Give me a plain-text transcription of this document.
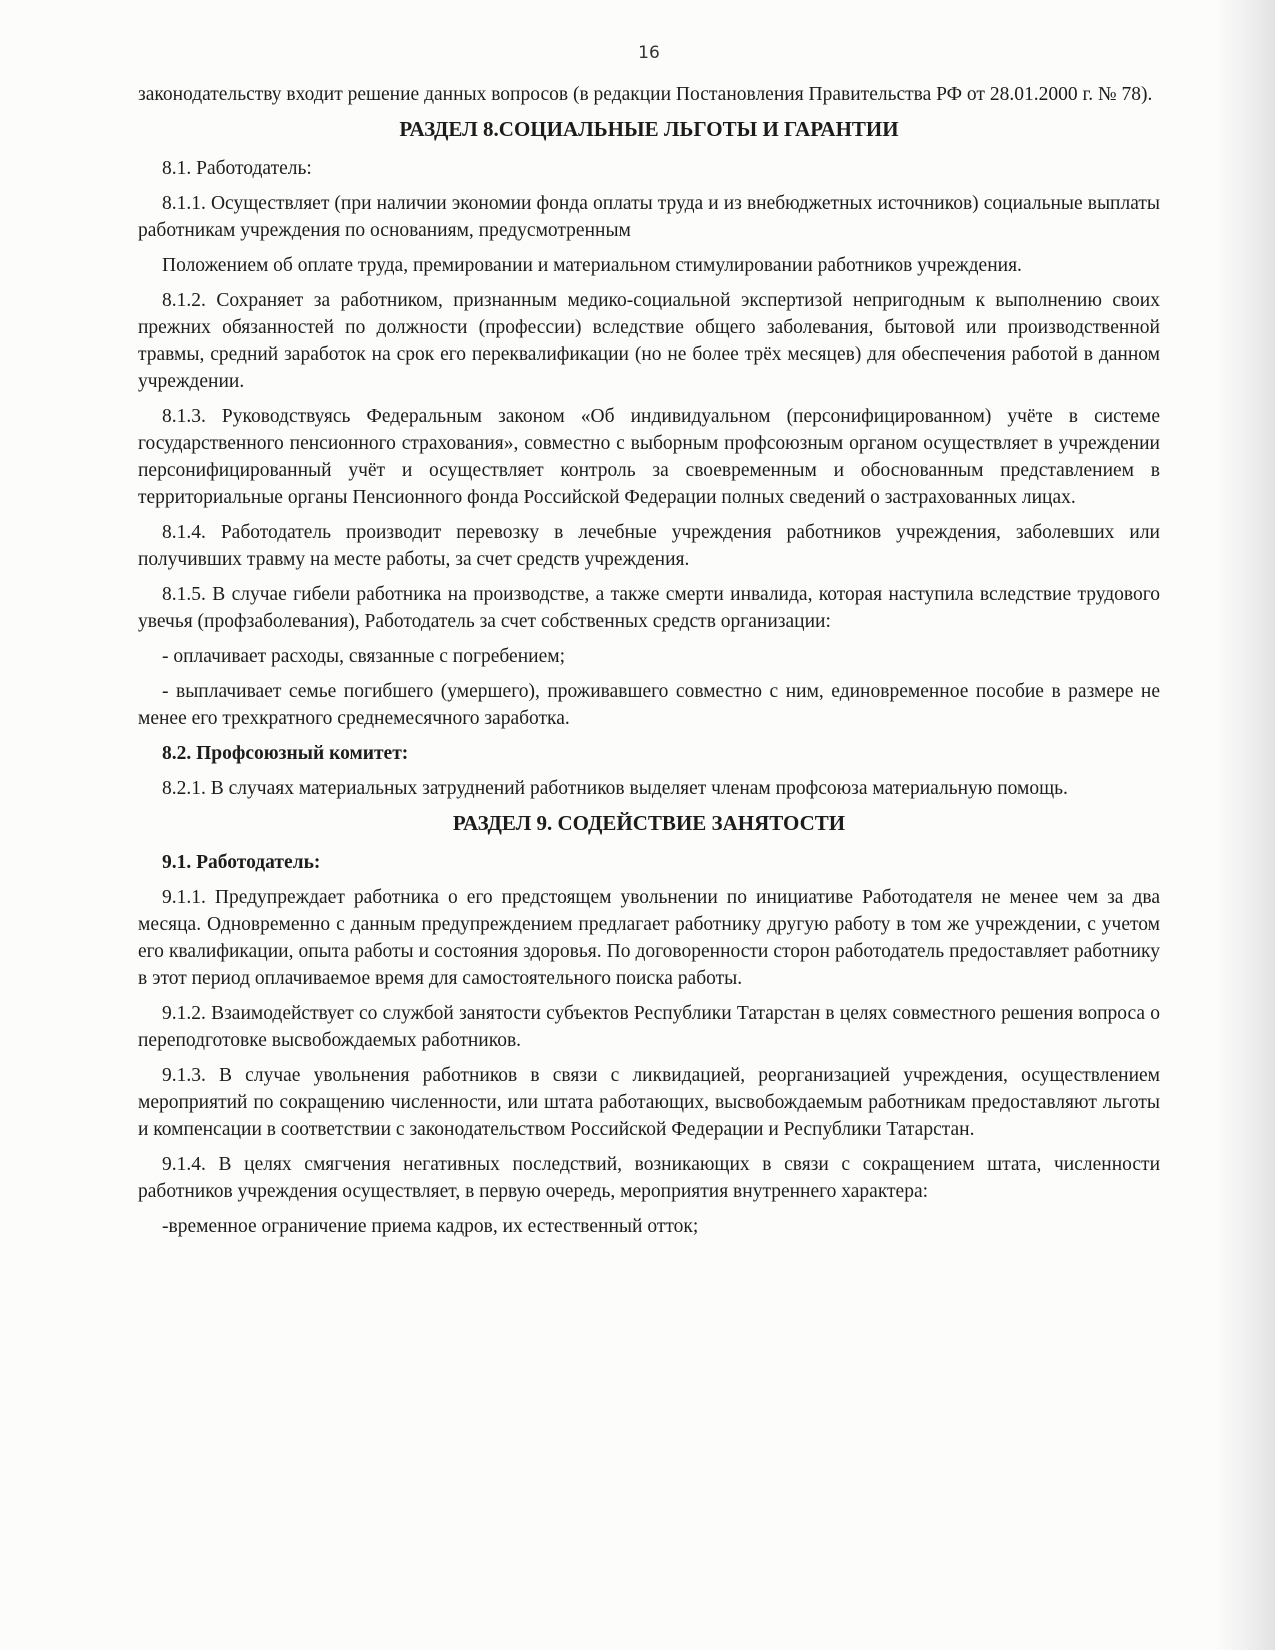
16

законодательству входит решение данных вопросов (в редакции Постановления Правительства РФ от 28.01.2000 г. № 78).

РАЗДЕЛ 8.СОЦИАЛЬНЫЕ ЛЬГОТЫ И ГАРАНТИИ

8.1. Работодатель:

8.1.1. Осуществляет (при наличии экономии фонда оплаты труда и из внебюджетных источников) социальные выплаты работникам учреждения по основаниям, предусмотренным

Положением об оплате труда, премировании и материальном стимулировании работников учреждения.

8.1.2. Сохраняет за работником, признанным медико-социальной экспертизой непригодным к выполнению своих прежних обязанностей по должности (профессии) вследствие общего заболевания, бытовой или производственной травмы, средний заработок на срок его переквалификации (но не более трёх месяцев) для обеспечения работой в данном учреждении.

8.1.3. Руководствуясь Федеральным законом «Об индивидуальном (персонифицированном) учёте в системе государственного пенсионного страхования», совместно с выборным профсоюзным органом осуществляет в учреждении персонифицированный учёт и осуществляет контроль за своевременным и обоснованным представлением в территориальные органы Пенсионного фонда Российской Федерации полных сведений о застрахованных лицах.

8.1.4. Работодатель производит перевозку в лечебные учреждения работников учреждения, заболевших или получивших травму на месте работы, за счет средств учреждения.

8.1.5. В случае гибели работника на производстве, а также смерти инвалида, которая наступила вследствие трудового увечья (профзаболевания), Работодатель за счет собственных средств организации:

- оплачивает расходы, связанные с погребением;

- выплачивает семье погибшего (умершего), проживавшего совместно с ним, единовременное пособие в размере не менее его трехкратного среднемесячного заработка.

8.2. Профсоюзный комитет:

8.2.1. В случаях материальных затруднений работников выделяет членам профсоюза материальную помощь.

РАЗДЕЛ 9. СОДЕЙСТВИЕ ЗАНЯТОСТИ

9.1. Работодатель:

9.1.1. Предупреждает работника о его предстоящем увольнении по инициативе Работодателя не менее чем за два месяца. Одновременно с данным предупреждением предлагает работнику другую работу в том же учреждении, с учетом его квалификации, опыта работы и состояния здоровья. По договоренности сторон работодатель предоставляет работнику в этот период оплачиваемое время для самостоятельного поиска работы.

9.1.2. Взаимодействует со службой занятости субъектов Республики Татарстан в целях совместного решения вопроса о переподготовке высвобождаемых работников.

9.1.3. В случае увольнения работников в связи с ликвидацией, реорганизацией учреждения, осуществлением мероприятий по сокращению численности, или штата работающих, высвобождаемым работникам предоставляют льготы и компенсации в соответствии с законодательством Российской Федерации и Республики Татарстан.

9.1.4. В целях смягчения негативных последствий, возникающих в связи с сокращением штата, численности работников учреждения осуществляет, в первую очередь, мероприятия внутреннего характера:

-временное ограничение приема кадров, их естественный отток;
